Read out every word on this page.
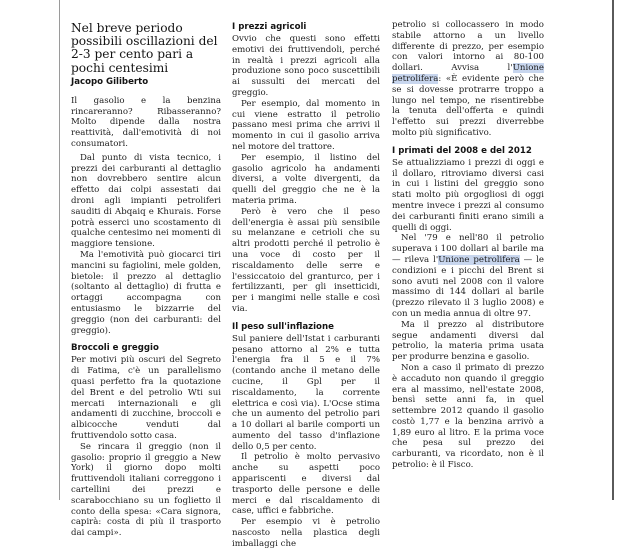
Nel breve periodo possibili oscillazioni del 2-3 per cento pari a pochi centesimi
Jacopo Giliberto

Il gasolio e la benzina rincareranno? Ribasseranno? Molto dipende dalla nostra reattività, dall'emotività di noi consumatori.

Dal punto di vista tecnico, i prezzi dei carburanti al dettaglio non dovrebbero sentire alcun effetto dai colpi assestati dai droni agli impianti petroliferi sauditi di Abqaiq e Khurais. Forse potrà esserci uno scostamento di qualche centesimo nei momenti di maggiore tensione.

Ma l'emotività può giocarci tiri mancini su fagiolini, mele golden, bietole: il prezzo al dettaglio (soltanto al dettaglio) di frutta e ortaggi accompagna con entusiasmo le bizzarrie del greggio (non dei carburanti: del greggio).

Broccoli e greggio

Per motivi più oscuri del Segreto di Fatima, c'è un parallelismo quasi perfetto fra la quotazione del Brent e del petrolio Wti sui mercati internazionali e gli andamenti di zucchine, broccoli e albicocche venduti dal fruttivendolo sotto casa.

Se rincara il greggio (non il gasolio: proprio il greggio a New York) il giorno dopo molti fruttivendoli italiani correggono i cartellini dei prezzi e scarabocchiano su un foglietto il conto della spesa: «Cara signora, capirà: costa di più il trasporto dai campi».

I prezzi agricoli

Ovvio che questi sono effetti emotivi dei fruttivendoli, perché in realtà i prezzi agricoli alla produzione sono poco suscettibili ai sussulti dei mercati del greggio.

Per esempio, dal momento in cui viene estratto il petrolio passano mesi prima che arrivi il momento in cui il gasolio arriva nel motore del trattore.

Per esempio, il listino del gasolio agricolo ha andamenti diversi, a volte divergenti, da quelli del greggio che ne è la materia prima.

Però è vero che il peso dell'energia è assai più sensibile su melanzane e cetrioli che su altri prodotti perché il petrolio è una voce di costo per il riscaldamento delle serre e l'essiccatoio del granturco, per i fertilizzanti, per gli insetticidi, per i mangimi nelle stalle e così via.

Il peso sull'inflazione

Sul paniere dell'Istat i carburanti pesano attorno al 2% e tutta l'energia fra il 5 e il 7% (contando anche il metano delle cucine, il Gpl per il riscaldamento, la corrente elettrica e così via). L'Ocse stima che un aumento del petrolio pari a 10 dollari al barile comporti un aumento del tasso d'inflazione dello 0,5 per cento.

Il petrolio è molto pervasivo anche su aspetti poco appariscenti e diversi dal trasporto delle persone e delle merci e dal riscaldamento di case, uffici e fabbriche.

Per esempio vi è petrolio nascosto nella plastica degli imballaggi che

petrolio si collocassero in modo stabile attorno a un livello differente di prezzo, per esempio con valori intorno ai 80-100 dollari. Avvisa l'Unione petrolifera: «È evidente però che se si dovesse protrarre troppo a lungo nel tempo, ne risentirebbe la tenuta dell'offerta e quindi l'effetto sui prezzi diverrebbe molto più significativo.

I primati del 2008 e del 2012

Se attualizziamo i prezzi di oggi e il dollaro, ritroviamo diversi casi in cui i listini del greggio sono stati molto più orgogliosi di oggi mentre invece i prezzi al consumo dei carburanti finiti erano simili a quelli di oggi.

Nel '79 e nell'80 il petrolio superava i 100 dollari al barile ma — rileva l'Unione petrolifera — le condizioni e i picchi del Brent si sono avuti nel 2008 con il valore massimo di 144 dollari al barile (prezzo rilevato il 3 luglio 2008) e con un media annua di oltre 97.

Ma il prezzo al distributore segue andamenti diversi dal petrolio, la materia prima usata per produrre benzina e gasolio.

Non a caso il primato di prezzo è accaduto non quando il greggio era al massimo, nell'estate 2008, bensì sette anni fa, in quel settembre 2012 quando il gasolio costò 1,77 e la benzina arrivò a 1,89 euro al litro. E la prima voce che pesa sul prezzo dei carburanti, va ricordato, non è il petrolio: è il Fisco.
